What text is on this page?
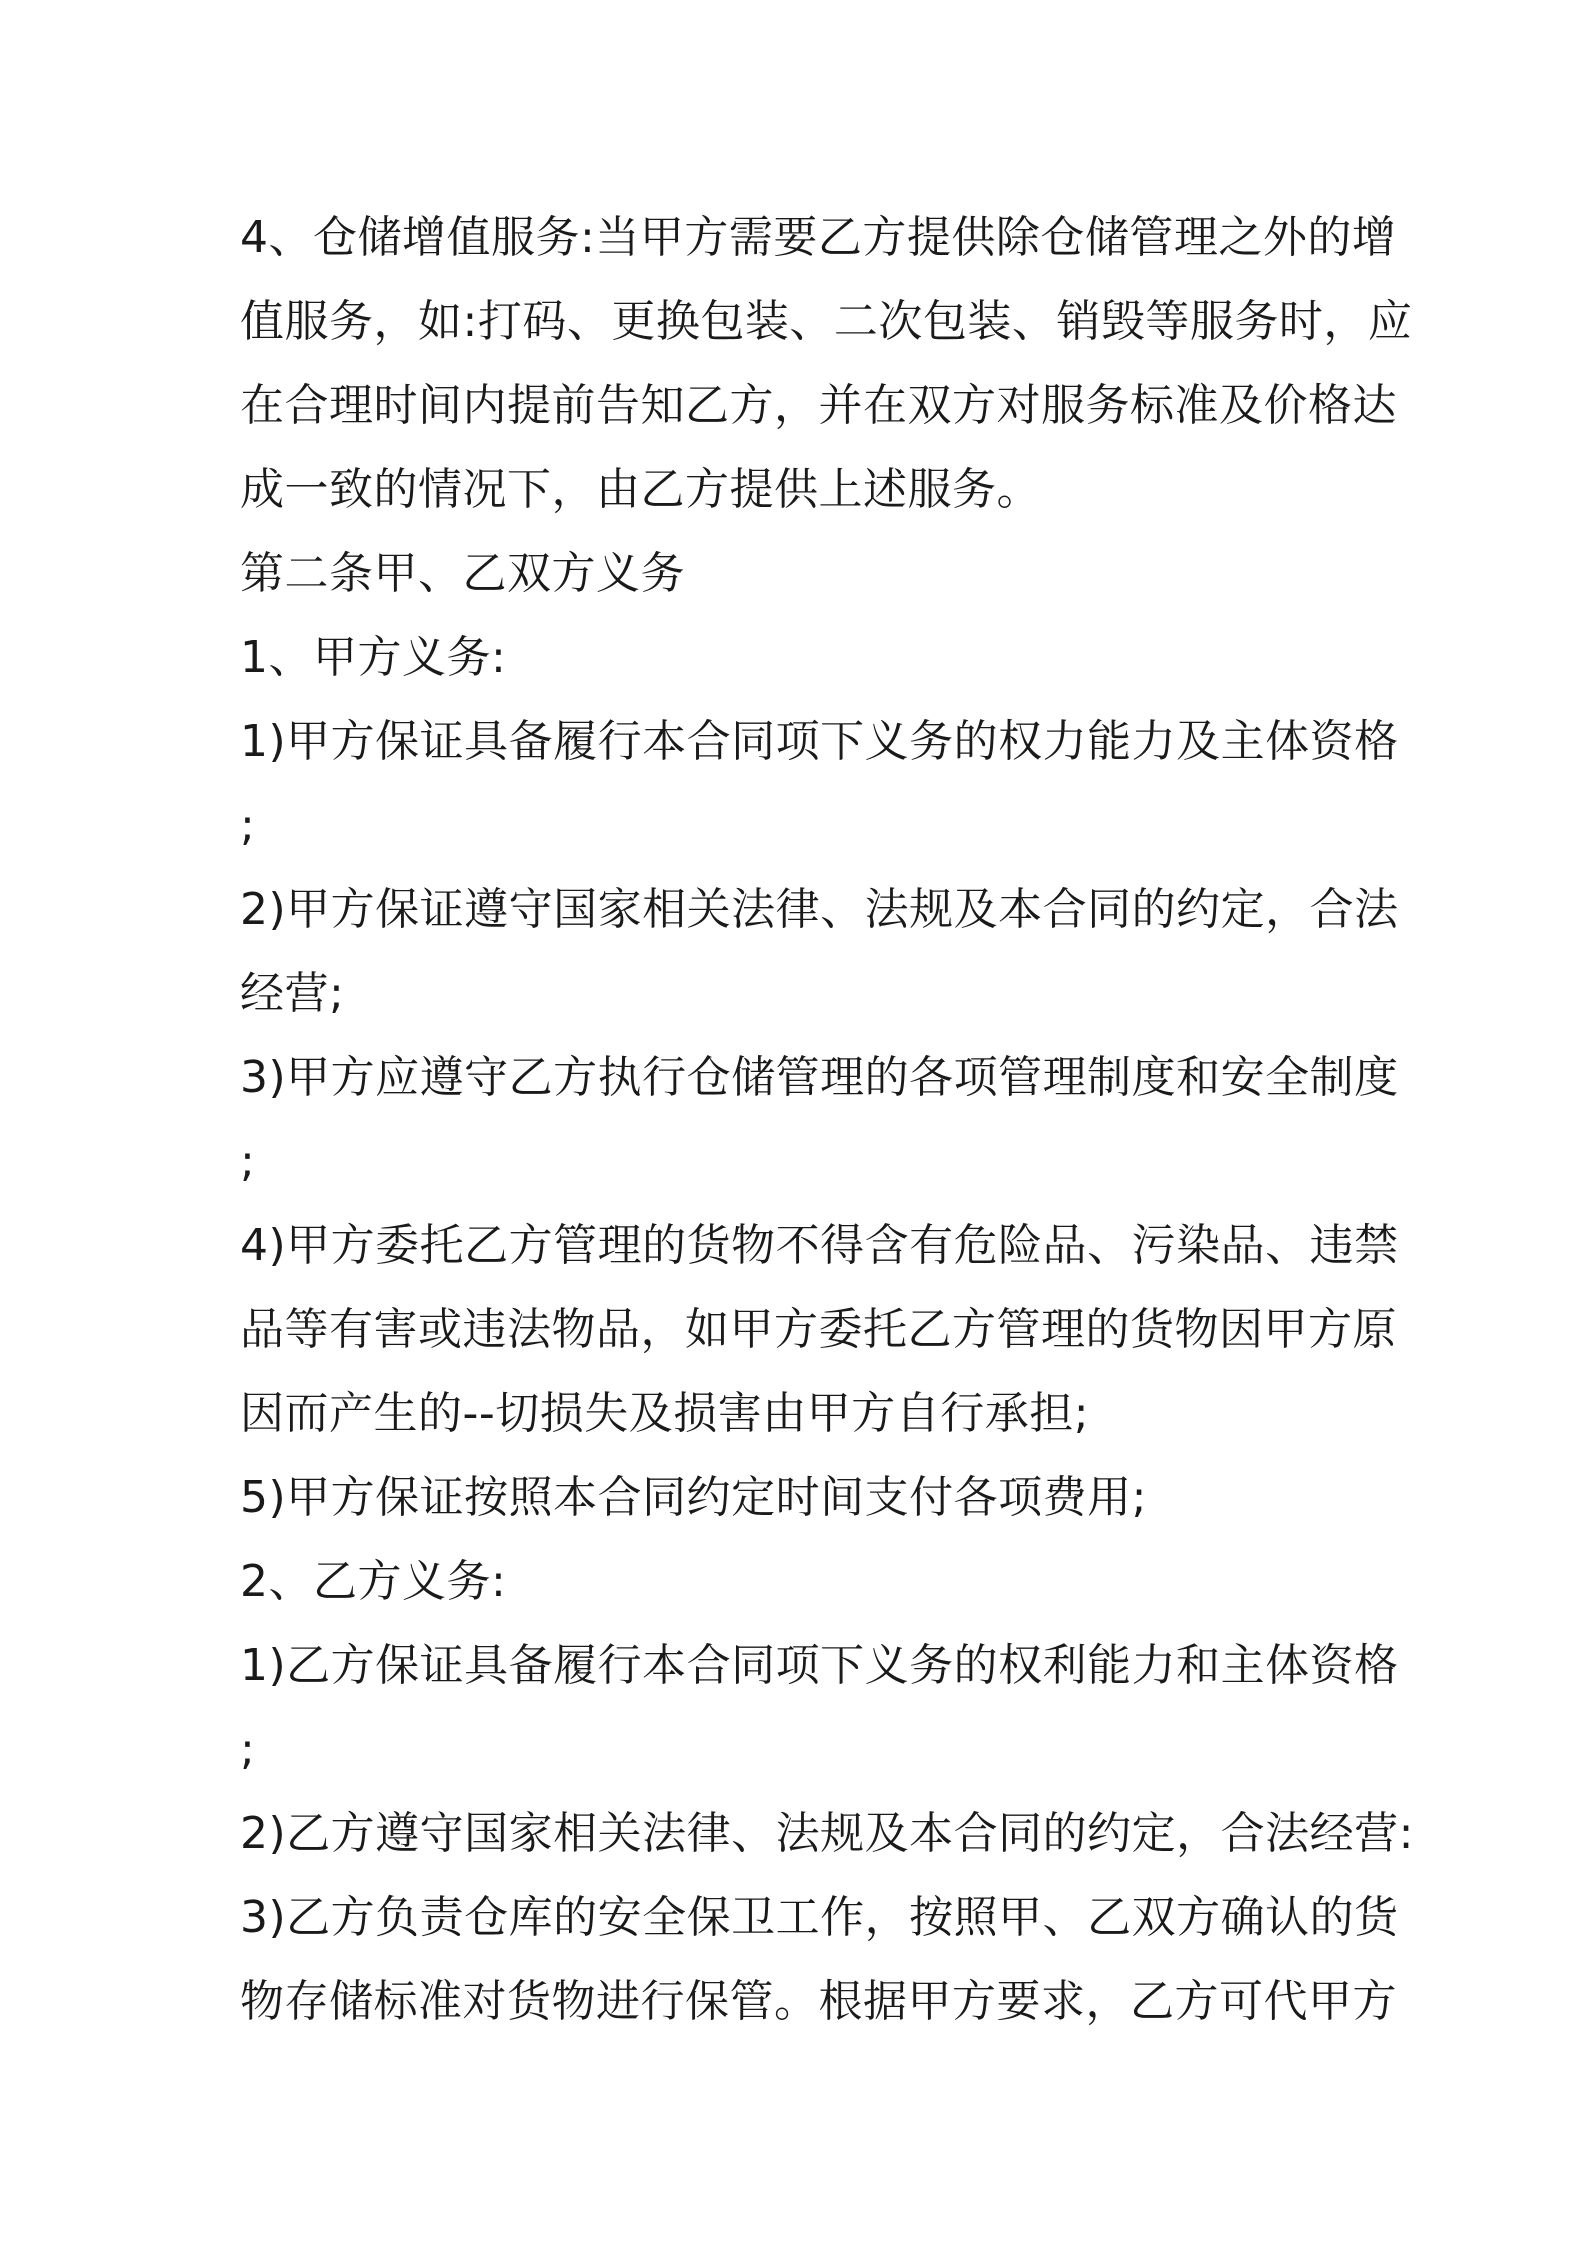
4、仓储增值服务:当甲方需要乙方提供除仓储管理之外的增
值服务，如:打码、更换包装、二次包装、销毁等服务时，应
在合理时间内提前告知乙方，并在双方对服务标准及价格达
成一致的情况下，由乙方提供上述服务。
第二条甲、乙双方义务
1、甲方义务:
1)甲方保证具备履行本合同项下义务的权力能力及主体资格
;
2)甲方保证遵守国家相关法律、法规及本合同的约定，合法
经营;
3)甲方应遵守乙方执行仓储管理的各项管理制度和安全制度
;
4)甲方委托乙方管理的货物不得含有危险品、污染品、违禁
品等有害或违法物品，如甲方委托乙方管理的货物因甲方原
因而产生的--切损失及损害由甲方自行承担;
5)甲方保证按照本合同约定时间支付各项费用;
2、乙方义务:
1)乙方保证具备履行本合同项下义务的权利能力和主体资格
;
2)乙方遵守国家相关法律、法规及本合同的约定，合法经营:
3)乙方负责仓库的安全保卫工作，按照甲、乙双方确认的货
物存储标准对货物进行保管。根据甲方要求，乙方可代甲方
